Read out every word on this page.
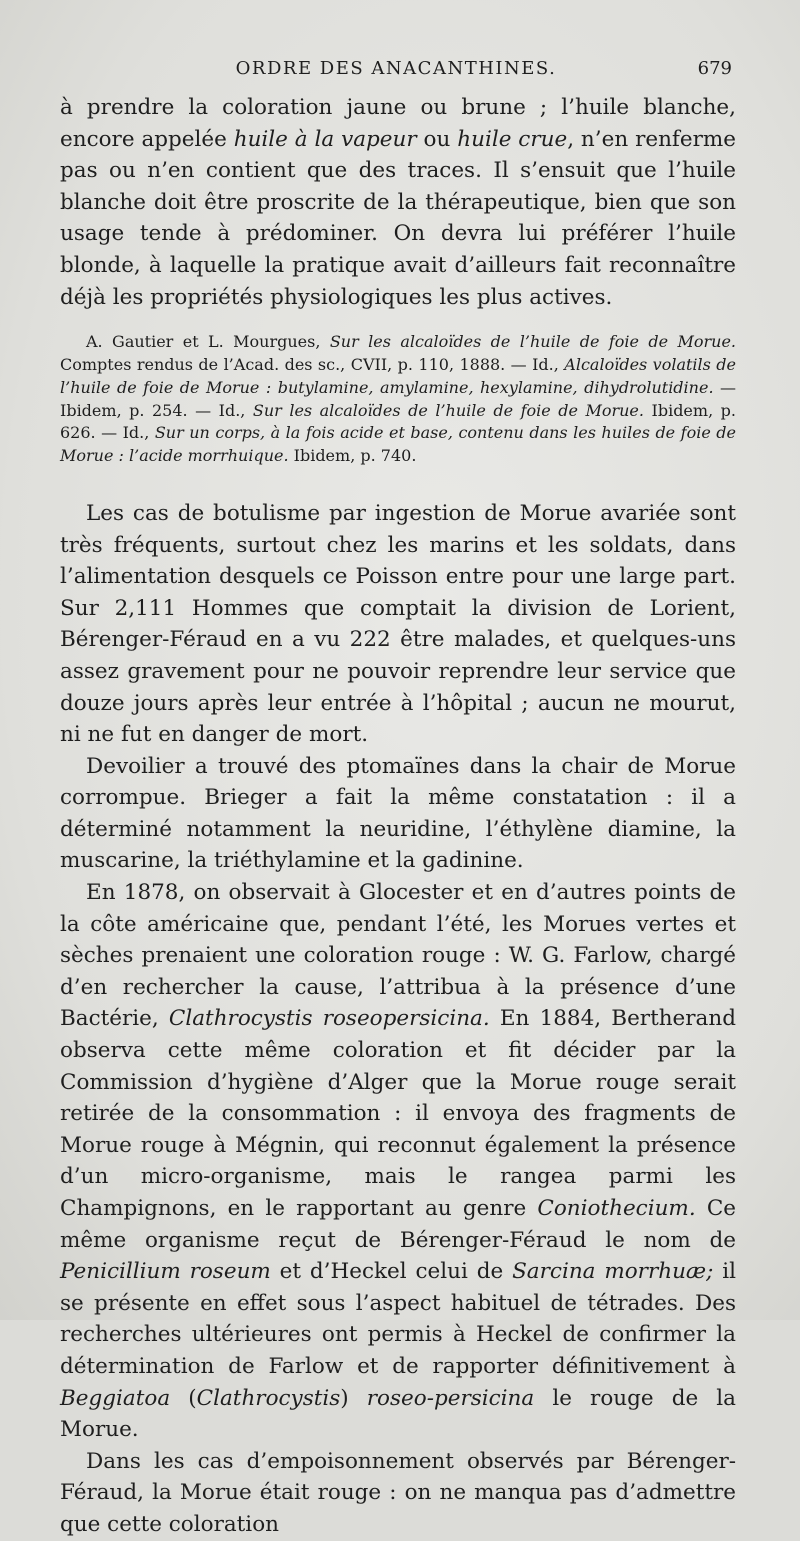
ORDRE DES ANACANTHINES.	679

à prendre la coloration jaune ou brune ; l’huile blanche, encore appelée huile à la vapeur ou huile crue, n’en renferme pas ou n’en contient que des traces. Il s’ensuit que l’huile blanche doit être proscrite de la thérapeutique, bien que son usage tende à prédominer. On devra lui préférer l’huile blonde, à laquelle la pratique avait d’ailleurs fait reconnaître déjà les propriétés physiologiques les plus actives.

A. Gautier et L. Mourgues, Sur les alcaloïdes de l’huile de foie de Morue. Comptes rendus de l’Acad. des sc., CVII, p. 110, 1888. — Id., Alcaloïdes volatils de l’huile de foie de Morue : butylamine, amylamine, hexylamine, dihydrolutidine. — Ibidem, p. 254. — Id., Sur les alcaloïdes de l’huile de foie de Morue. Ibidem, p. 626. — Id., Sur un corps, à la fois acide et base, contenu dans les huiles de foie de Morue : l’acide morrhuique. Ibidem, p. 740.

Les cas de botulisme par ingestion de Morue avariée sont très fréquents, surtout chez les marins et les soldats, dans l’alimentation desquels ce Poisson entre pour une large part. Sur 2,111 Hommes que comptait la division de Lorient, Bérenger-Féraud en a vu 222 être malades, et quelques-uns assez gravement pour ne pouvoir reprendre leur service que douze jours après leur entrée à l’hôpital ; aucun ne mourut, ni ne fut en danger de mort.

Devoilier a trouvé des ptomaïnes dans la chair de Morue corrompue. Brieger a fait la même constatation : il a déterminé notamment la neuridine, l’éthylène diamine, la muscarine, la triéthylamine et la gadinine.

En 1878, on observait à Glocester et en d’autres points de la côte américaine que, pendant l’été, les Morues vertes et sèches prenaient une coloration rouge : W. G. Farlow, chargé d’en rechercher la cause, l’attribua à la présence d’une Bactérie, Clathrocystis roseopersicina. En 1884, Bertherand observa cette même coloration et fit décider par la Commission d’hygiène d’Alger que la Morue rouge serait retirée de la consommation : il envoya des fragments de Morue rouge à Mégnin, qui reconnut également la présence d’un micro-organisme, mais le rangea parmi les Champignons, en le rapportant au genre Coniothecium. Ce même organisme reçut de Bérenger-Féraud le nom de Penicillium roseum et d’Heckel celui de Sarcina morrhuæ; il se présente en effet sous l’aspect habituel de tétrades. Des recherches ultérieures ont permis à Heckel de confirmer la détermination de Farlow et de rapporter définitivement à Beggiatoa (Clathrocystis) roseo-persicina le rouge de la Morue.

Dans les cas d’empoisonnement observés par Bérenger-Féraud, la Morue était rouge : on ne manqua pas d’admettre que cette coloration
